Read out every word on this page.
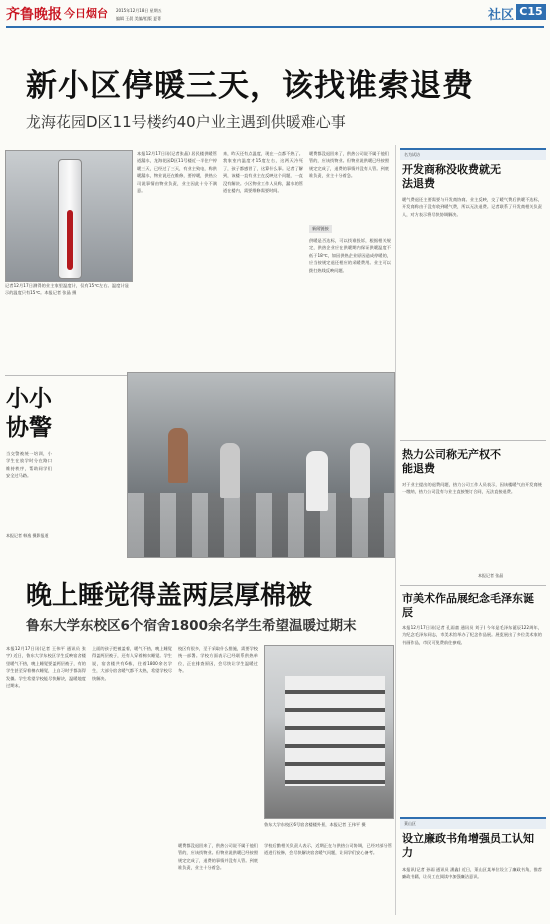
齐鲁晚报 今日烟台 2015年12月18日 星期五
编辑 王晨 美编/组版 夏菁	社区 C15
新小区停暖三天，该找谁索退费
龙海花园D区11号楼约40户业主遇到供暖难心事
记者12月17日测得的业主家里温度计，仅有15℃左右。温度计显示的温度只有15℃。本报记者 张晶 摄
本报12月17日讯(记者张晶) 居民楼供暖管道漏水，龙海花园D区11号楼近一半住户停暖三天，已经过了三天，有业主致电，称供暖漏水，物业说还在维修，要停暖，供热公司说事情由物业负责，业主因此十分不满意。
来，昨天还有点温度，现在一点都不热了。我家室内温度才15度左右，这两天冷死了，孩子都感冒了，这算什么事。记者了解到，该楼一直有业主在反映这个问题，一直没有解决。小区物业工作人员称，漏水的管道在楼内，需要维修需要时间。
暖费都没退回来了，供热公司说不属于他们管的，应该找物业。但物业说供暖已经按照规定完成了，退费的事情并没有人管。到底谁负责，业主十分着急。
新闻链接
供暖是否达标，可以找谁投诉，根据相关规定，供热企业应在供暖期内保证供暖温度不低于18℃，如因供热企业原因造成停暖的，应当按规定退还相应的采暖费用。业主可以拨打热线反映问题。
名为试访
开发商称没收费就无法退费
暖气费退还主要需要与开发商协商。业主反映，交了暖气费后供暖不达标，开发商称由于没有收到暖气费，所以无法退费。记者联系了开发商相关负责人，对方表示将尽快协调解决。
热力公司称无产权不能退费
对于业主提出的退费问题，热力公司工作人员表示，因该楼暖气由开发商统一缴纳，热力公司没有与业主直接签订合同，无法直接退费。
本报记者 张晶
市美术作品展纪念毛泽东诞辰
本报12月17日讯(记者 孔雨童 通讯员 刘子) 今年是毛泽东诞辰122周年，为纪念毛泽东同志，市美术馆举办了纪念作品展。展览展出了多位美术家的书画作品，市民可免费前往参观。
莱山区
设立廉政书角增强员工认知力
本报讯(记者 孙雨 通讯员 潘鑫) 近日，莱山区某单位设立了廉政书角，推荐廉政书籍，让员工在阅读中加强廉洁意识。
小小协警
当交警被统一培训，小学生在放学时分在路口维持秩序，帮助同学们安全过马路。
本报记者 韩逸 摄影报道
晚上睡觉得盖两层厚棉被
鲁东大学东校区6个宿舍1800余名学生希望温暖过期末
本报12月17日讯(记者 王伟平 通讯员 张宇) 近日，鲁东大学东校区学生反映宿舍楼里暖气不热，晚上睡觉要盖两层被子，有的学生甚至穿着棉衣睡觉，上自习时手都冻得发僵。学生希望学校能尽快解决，温暖地度过期末。
上面的孩子把被盖着，暖气不热，晚上睡觉得盖两层被子，还有人穿着棉衣睡觉。学生说，宿舍楼共有6栋，住着1800余名学生，大部分宿舍暖气都不太热，希望学校尽快解决。
校区有很多，至于采取什么措施，需要学校统一部署。学校方面表示已经联系供热单位，正在排查原因，会尽快让学生温暖过冬。
鲁东大学东校区6号宿舍楼楼外景，本报记者 王伟平 摄
学校后勤相关负责人表示，近期正在与供热公司协调，已经对部分管道进行检修，会尽快解决宿舍暖气问题，让同学们安心备考。
暖费都没退回来了，供热公司说不属于他们管的，应该找物业。但物业说供暖已经按照规定完成了，退费的事情并没有人管。到底谁负责，业主十分着急。
